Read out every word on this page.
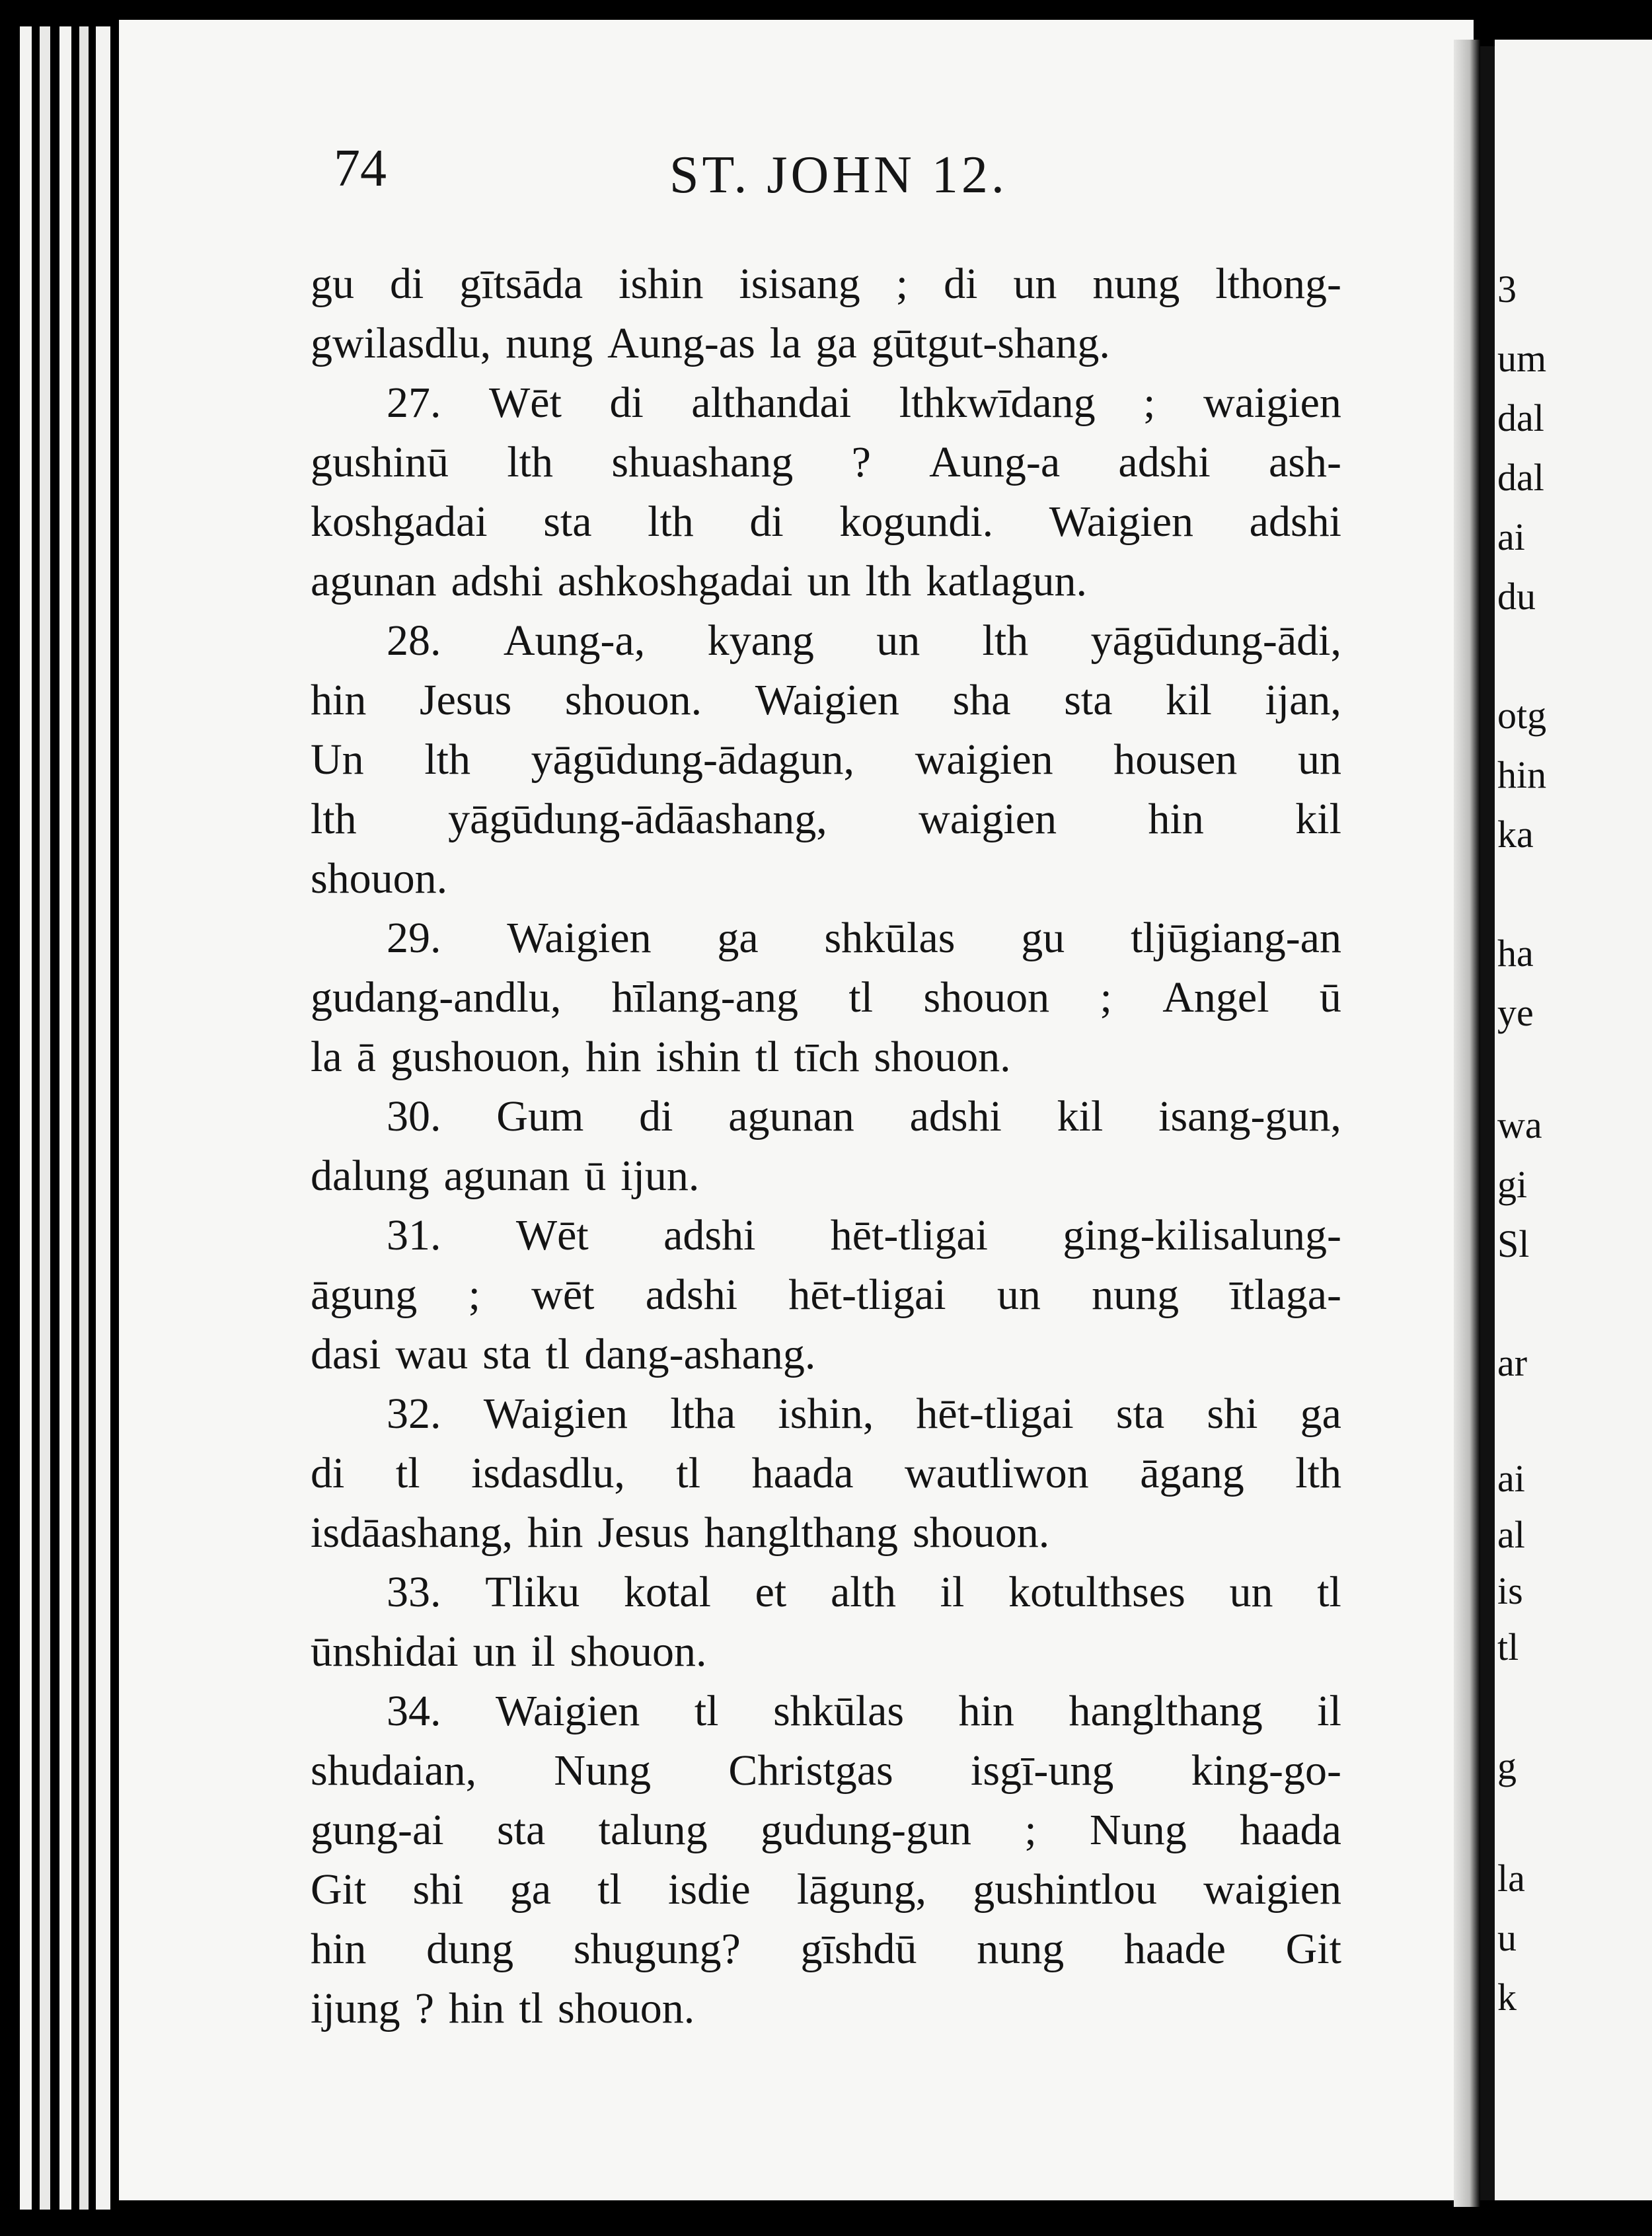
3
um
dal
dal
ai
du
otg
hin
ka
ha
ye
wa
gi
Sl
ar
ai
al
is
tl
g
la
u
k
74	ST. JOHN 12.
gu di gītsāda ishin isisang ; di un nung lthong-
gwilasdlu, nung Aung-as la ga gūtgut-shang.
27. Wēt di althandai lthkwīdang ; waigien
gushinū lth shuashang ? Aung-a adshi ash-
koshgadai sta lth di kogundi. Waigien adshi
agunan adshi ashkoshgadai un lth katlagun.
28. Aung-a, kyang un lth yāgūdung-ādi,
hin Jesus shouon. Waigien sha sta kil ijan,
Un lth yāgūdung-ādagun, waigien housen un
lth yāgūdung-ādāashang, waigien hin kil
shouon.
29. Waigien ga shkūlas gu tljūgiang-an
gudang-andlu, hīlang-ang tl shouon ; Angel ū
la ā gushouon, hin ishin tl tīch shouon.
30. Gum di agunan adshi kil isang-gun,
dalung agunan ū ijun.
31. Wēt adshi hēt-tligai ging-kilisalung-
āgung ; wēt adshi hēt-tligai un nung ītlaga-
dasi wau sta tl dang-ashang.
32. Waigien ltha ishin, hēt-tligai sta shi ga
di tl isdasdlu, tl haada wautliwon āgang lth
isdāashang, hin Jesus hanglthang shouon.
33. Tliku kotal et alth il kotulthses un tl
ūnshidai un il shouon.
34. Waigien tl shkūlas hin hanglthang il
shudaian, Nung Christgas isgī-ung king-go-
gung-ai sta talung gudung-gun ; Nung haada
Git shi ga tl isdie lāgung, gushintlou waigien
hin dung shugung? gīshdū nung haade Git
ijung ? hin tl shouon.
